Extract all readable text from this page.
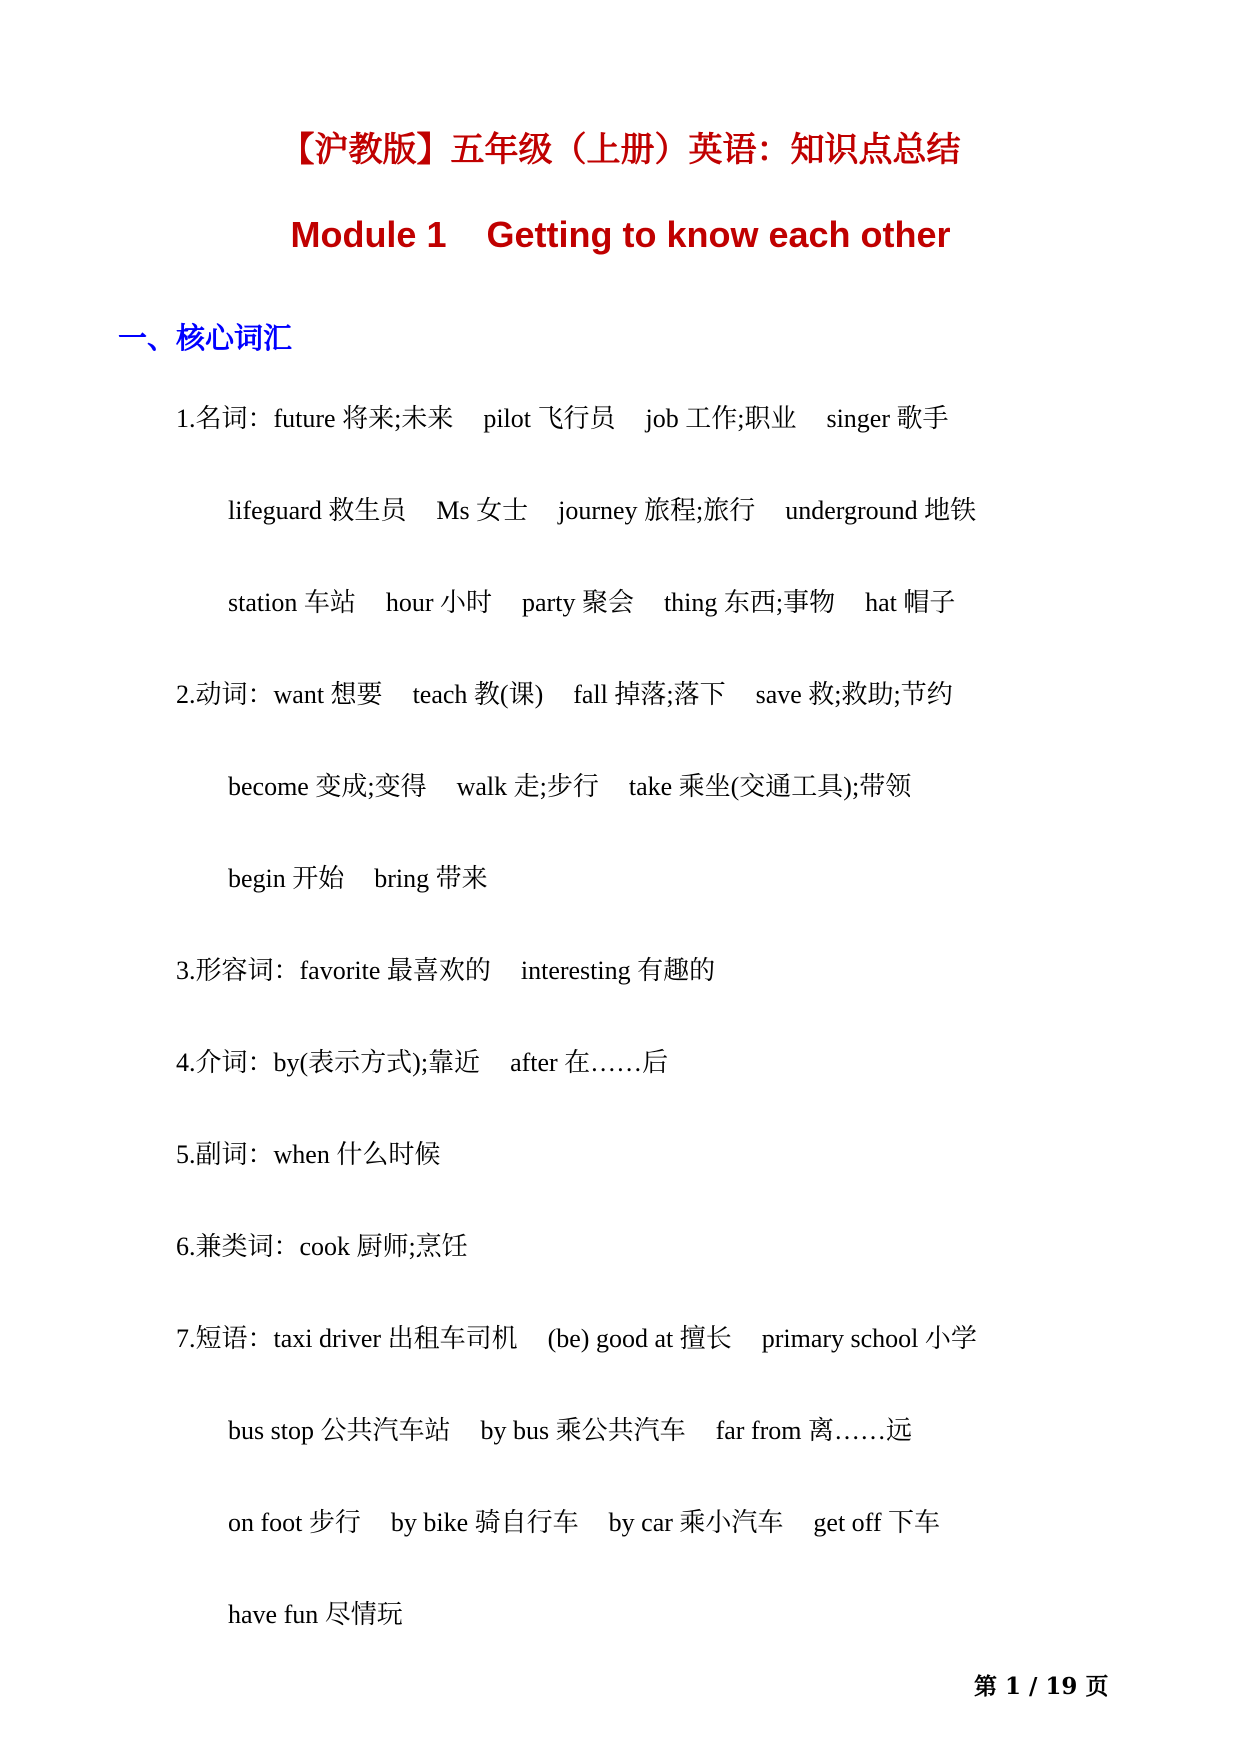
【沪教版】五年级（上册）英语：知识点总结
Module 1    Getting to know each other
一、核心词汇
1.名词：future 将来;未来 pilot 飞行员 job 工作;职业 singer 歌手
lifeguard 救生员 Ms 女士 journey 旅程;旅行 underground 地铁
station 车站 hour 小时 party 聚会 thing 东西;事物 hat 帽子
2.动词：want 想要 teach 教(课) fall 掉落;落下 save 救;救助;节约
become 变成;变得 walk 走;步行 take 乘坐(交通工具);带领
begin 开始 bring 带来
3.形容词：favorite 最喜欢的 interesting 有趣的
4.介词：by(表示方式);靠近 after 在……后
5.副词：when 什么时候
6.兼类词：cook 厨师;烹饪
7.短语：taxi driver 出租车司机 (be) good at 擅长 primary school 小学
bus stop 公共汽车站 by bus 乘公共汽车 far from 离……远
on foot 步行 by bike 骑自行车 by car 乘小汽车 get off 下车
have fun 尽情玩
第 1 / 19 页
